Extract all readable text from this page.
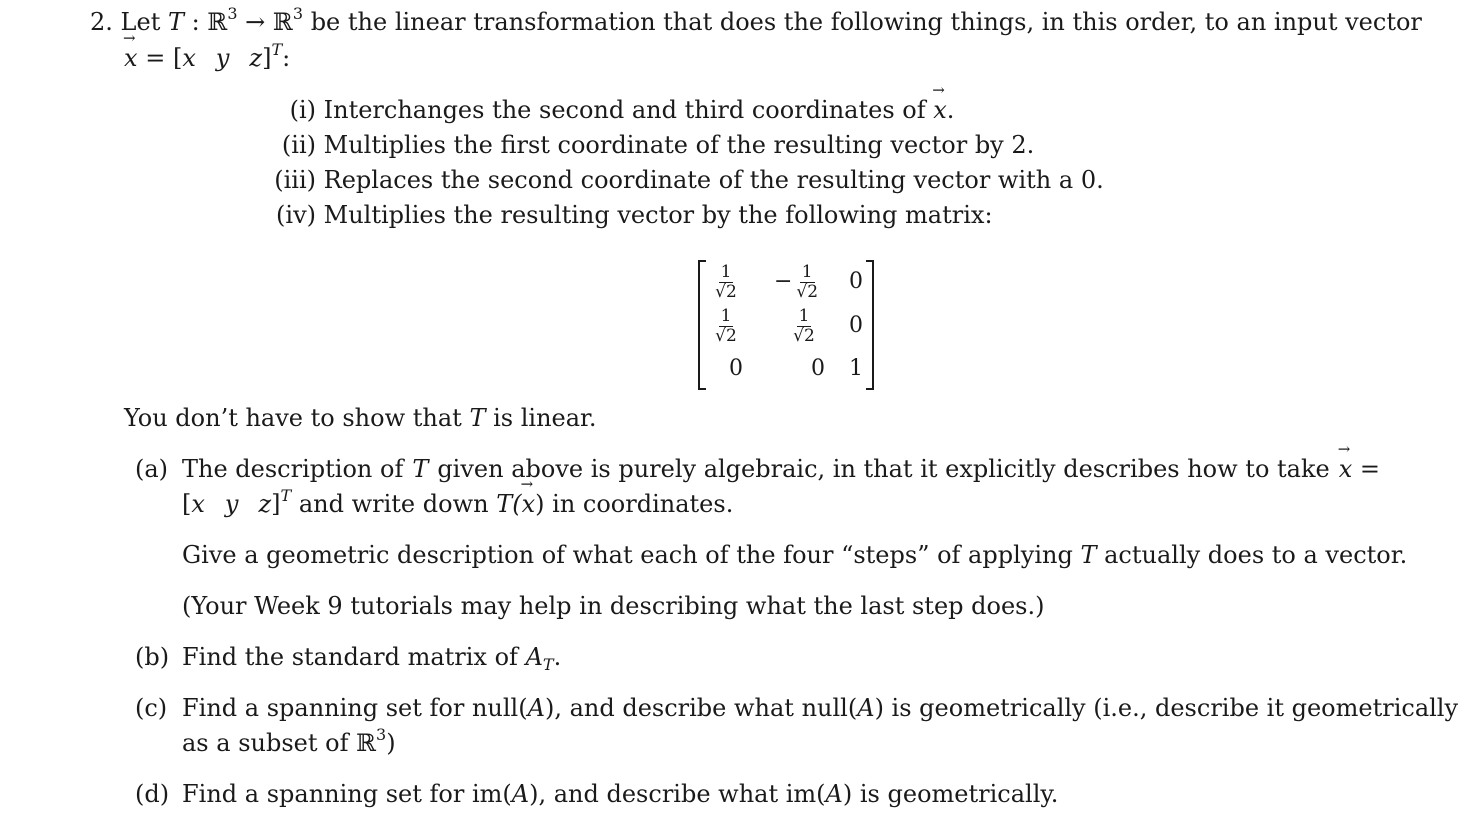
2. Let T : ℝ$^3$ → ℝ$^3$ be the linear transformation that does the following things, in this order, to an input vector
→ x = [x y z]$^T$:
(i) Interchanges the second and third coordinates of → x.
(ii) Multiplies the first coordinate of the resulting vector by 2.
(iii) Replaces the second coordinate of the resulting vector with a 0.
(iv) Multiplies the resulting vector by the following matrix:
1
$√2 - \frac{1}{√2} 0$
1
√2
1
√2 0
0	0	1
You don’t have to show that T is linear.
(a) The description of T given above is purely algebraic, in that it explicitly describes how to take → x =
[x y z]$^T$ and write down T(→ x) in coordinates.
Give a geometric description of what each of the four “steps” of applying T actually does to a vector.
(Your Week 9 tutorials may help in describing what the last step does.)
(b) Find the standard matrix of $A_T$.
(c) Find a spanning set for null(A), and describe what null(A) is geometrically (i.e., describe it geometrically
as a subset of ℝ$^3$)
(d) Find a spanning set for im(A), and describe what im(A) is geometrically.
